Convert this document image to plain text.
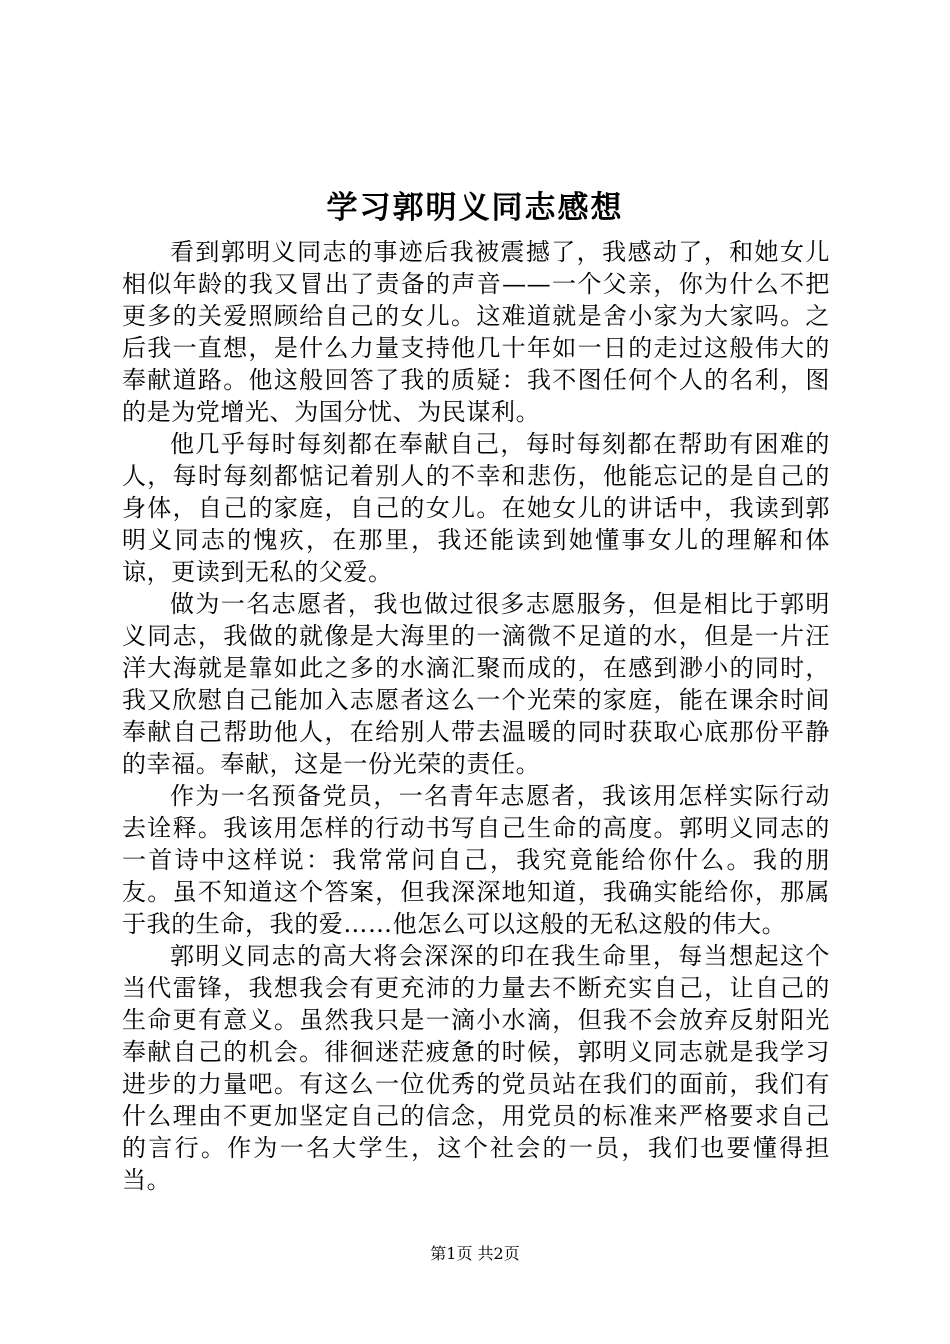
学习郭明义同志感想

看到郭明义同志的事迹后我被震撼了，我感动了，和她女儿相似年龄的我又冒出了责备的声音——一个父亲，你为什么不把更多的关爱照顾给自己的女儿。这难道就是舍小家为大家吗。之后我一直想，是什么力量支持他几十年如一日的走过这般伟大的奉献道路。他这般回答了我的质疑：我不图任何个人的名利，图的是为党增光、为国分忧、为民谋利。

他几乎每时每刻都在奉献自己，每时每刻都在帮助有困难的人，每时每刻都惦记着别人的不幸和悲伤，他能忘记的是自己的身体，自己的家庭，自己的女儿。在她女儿的讲话中，我读到郭明义同志的愧疚，在那里，我还能读到她懂事女儿的理解和体谅，更读到无私的父爱。

做为一名志愿者，我也做过很多志愿服务，但是相比于郭明义同志，我做的就像是大海里的一滴微不足道的水，但是一片汪洋大海就是靠如此之多的水滴汇聚而成的，在感到渺小的同时，我又欣慰自己能加入志愿者这么一个光荣的家庭，能在课余时间奉献自己帮助他人，在给别人带去温暖的同时获取心底那份平静的幸福。奉献，这是一份光荣的责任。

作为一名预备党员，一名青年志愿者，我该用怎样实际行动去诠释。我该用怎样的行动书写自己生命的高度。郭明义同志的一首诗中这样说：我常常问自己，我究竟能给你什么。我的朋友。虽不知道这个答案，但我深深地知道，我确实能给你，那属于我的生命，我的爱……他怎么可以这般的无私这般的伟大。

郭明义同志的高大将会深深的印在我生命里，每当想起这个当代雷锋，我想我会有更充沛的力量去不断充实自己，让自己的生命更有意义。虽然我只是一滴小水滴，但我不会放弃反射阳光奉献自己的机会。徘徊迷茫疲惫的时候，郭明义同志就是我学习进步的力量吧。有这么一位优秀的党员站在我们的面前，我们有什么理由不更加坚定自己的信念，用党员的标准来严格要求自己的言行。作为一名大学生，这个社会的一员，我们也要懂得担当。

第1页 共2页
